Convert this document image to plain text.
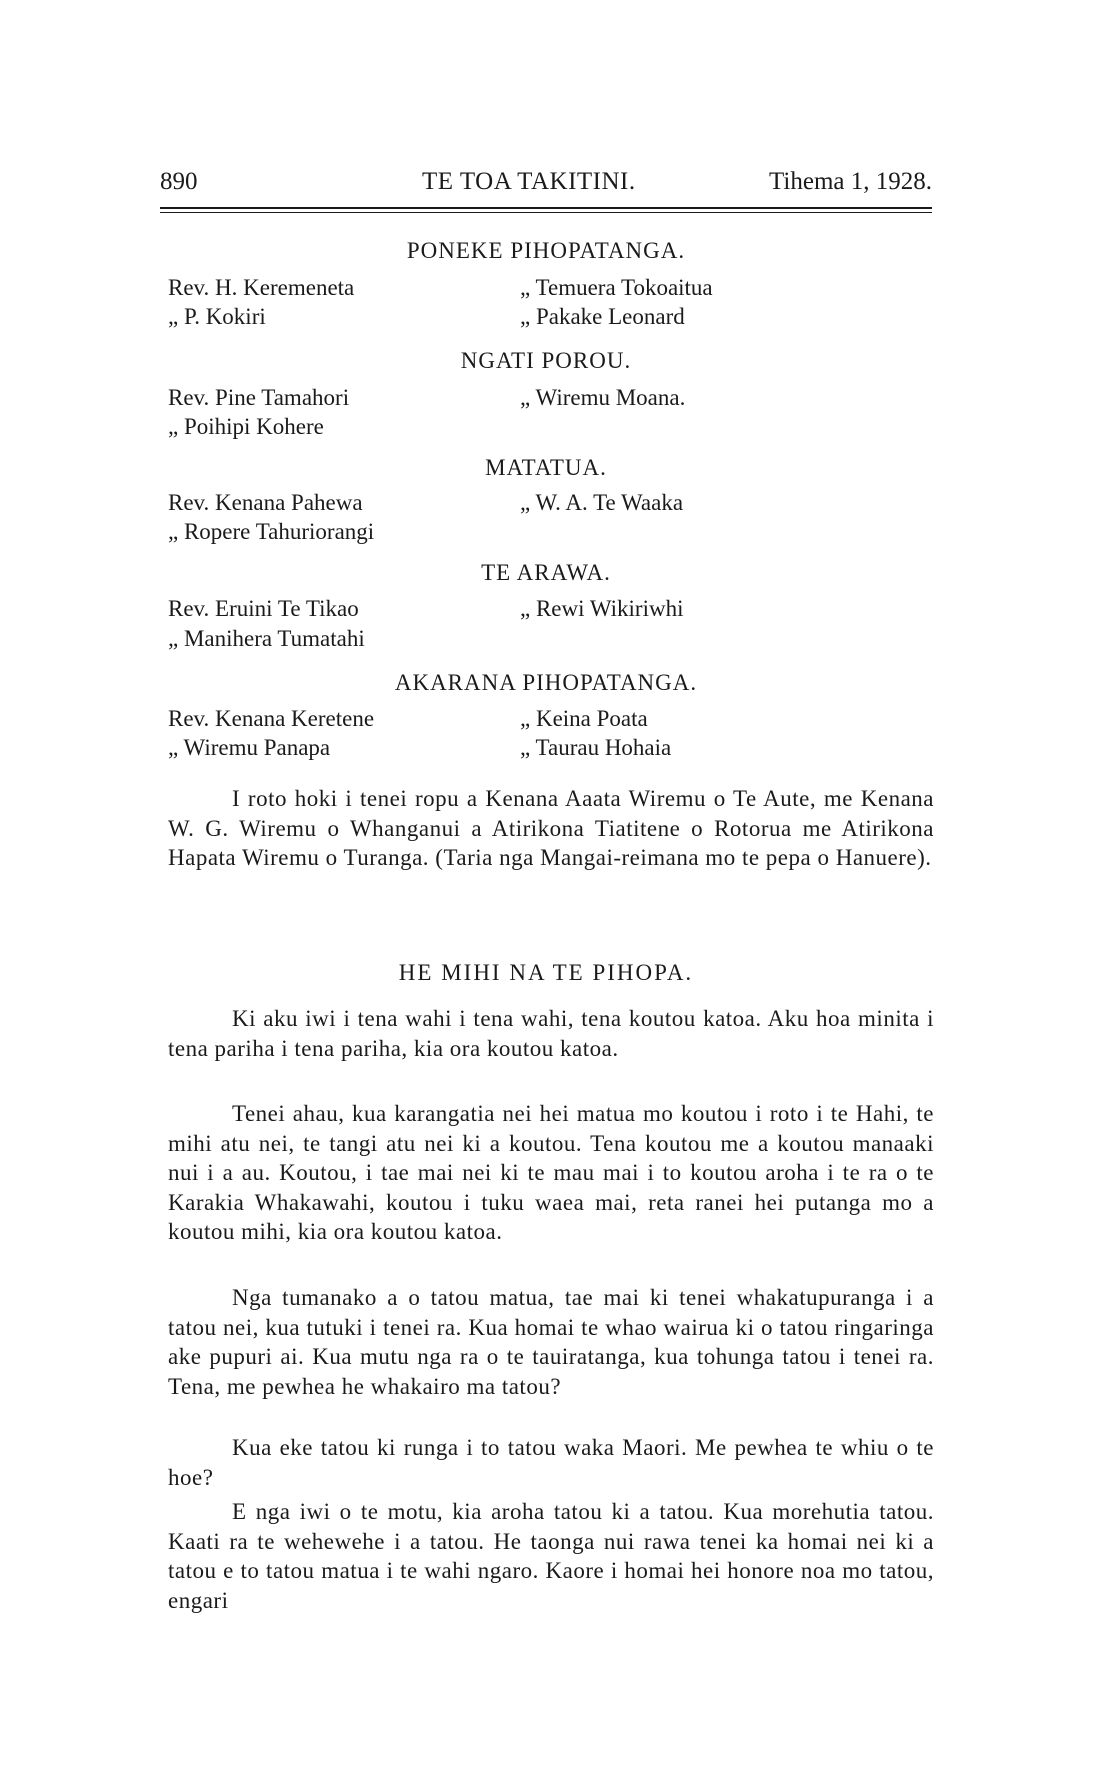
890	TE TOA TAKITINI.	Tihema 1, 1928.
PONEKE PIHOPATANGA.
Rev. H. Keremeneta	„ Temuera Tokoaitua
„ P. Kokiri	„ Pakake Leonard
NGATI POROU.
Rev. Pine Tamahori	„ Wiremu Moana.
„ Poihipi Kohere
MATATUA.
Rev. Kenana Pahewa	„ W. A. Te Waaka
„ Ropere Tahuriorangi
TE ARAWA.
Rev. Eruini Te Tikao	„ Rewi Wikiriwhi
„ Manihera Tumatahi
AKARANA PIHOPATANGA.
Rev. Kenana Keretene	„ Keina Poata
„ Wiremu Panapa	„ Taurau Hohaia
I roto hoki i tenei ropu a Kenana Aaata Wiremu o Te Aute, me Kenana W. G. Wiremu o Whanganui a Atirikona Tiatitene o Rotorua me Atirikona Hapata Wiremu o Turanga. (Taria nga Mangai-reimana mo te pepa o Hanuere).
HE MIHI NA TE PIHOPA.
Ki aku iwi i tena wahi i tena wahi, tena koutou katoa. Aku hoa minita i tena pariha i tena pariha, kia ora koutou katoa.
Tenei ahau, kua karangatia nei hei matua mo koutou i roto i te Hahi, te mihi atu nei, te tangi atu nei ki a koutou. Tena koutou me a koutou manaaki nui i a au. Koutou, i tae mai nei ki te mau mai i to koutou aroha i te ra o te Karakia Whakawahi, koutou i tuku waea mai, reta ranei hei putanga mo a koutou mihi, kia ora koutou katoa.
Nga tumanako a o tatou matua, tae mai ki tenei whakatupuranga i a tatou nei, kua tutuki i tenei ra. Kua homai te whao wairua ki o tatou ringaringa ake pupuri ai. Kua mutu nga ra o te tauiratanga, kua tohunga tatou i tenei ra. Tena, me pewhea he whakairo ma tatou?
Kua eke tatou ki runga i to tatou waka Maori. Me pewhea te whiu o te hoe?
E nga iwi o te motu, kia aroha tatou ki a tatou. Kua morehutia tatou. Kaati ra te wehewehe i a tatou. He taonga nui rawa tenei ka homai nei ki a tatou e to tatou matua i te wahi ngaro. Kaore i homai hei honore noa mo tatou, engari
